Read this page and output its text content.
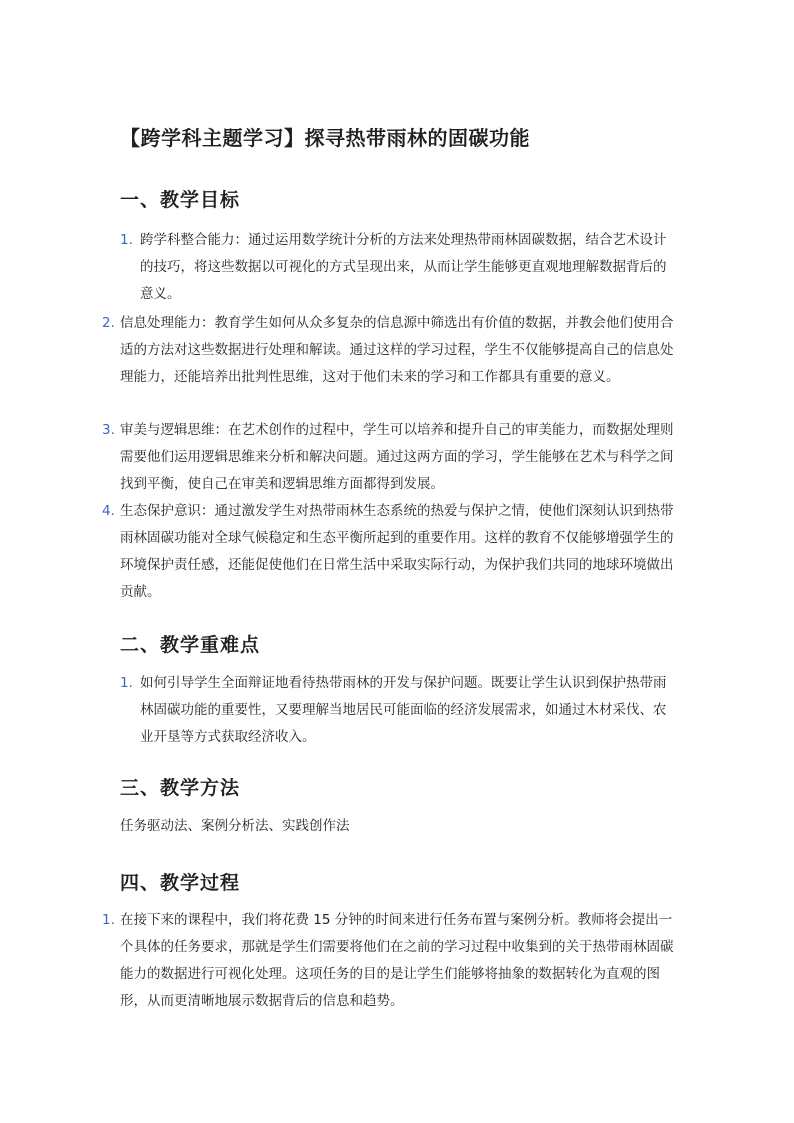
【跨学科主题学习】探寻热带雨林的固碳功能
一、教学目标
1. 跨学科整合能力：通过运用数学统计分析的方法来处理热带雨林固碳数据，结合艺术设计的技巧，将这些数据以可视化的方式呈现出来，从而让学生能够更直观地理解数据背后的意义。
2. 信息处理能力：教育学生如何从众多复杂的信息源中筛选出有价值的数据，并教会他们使用合适的方法对这些数据进行处理和解读。通过这样的学习过程，学生不仅能够提高自己的信息处理能力，还能培养出批判性思维，这对于他们未来的学习和工作都具有重要的意义。
3. 审美与逻辑思维：在艺术创作的过程中，学生可以培养和提升自己的审美能力，而数据处理则需要他们运用逻辑思维来分析和解决问题。通过这两方面的学习，学生能够在艺术与科学之间找到平衡，使自己在审美和逻辑思维方面都得到发展。
4. 生态保护意识：通过激发学生对热带雨林生态系统的热爱与保护之情，使他们深刻认识到热带雨林固碳功能对全球气候稳定和生态平衡所起到的重要作用。这样的教育不仅能够增强学生的环境保护责任感，还能促使他们在日常生活中采取实际行动，为保护我们共同的地球环境做出贡献。
二、教学重难点
1. 如何引导学生全面辩证地看待热带雨林的开发与保护问题。既要让学生认识到保护热带雨林固碳功能的重要性，又要理解当地居民可能面临的经济发展需求，如通过木材采伐、农业开垦等方式获取经济收入。
三、教学方法
任务驱动法、案例分析法、实践创作法
四、教学过程
1. 在接下来的课程中，我们将花费 15 分钟的时间来进行任务布置与案例分析。教师将会提出一个具体的任务要求，那就是学生们需要将他们在之前的学习过程中收集到的关于热带雨林固碳能力的数据进行可视化处理。这项任务的目的是让学生们能够将抽象的数据转化为直观的图形，从而更清晰地展示数据背后的信息和趋势。
